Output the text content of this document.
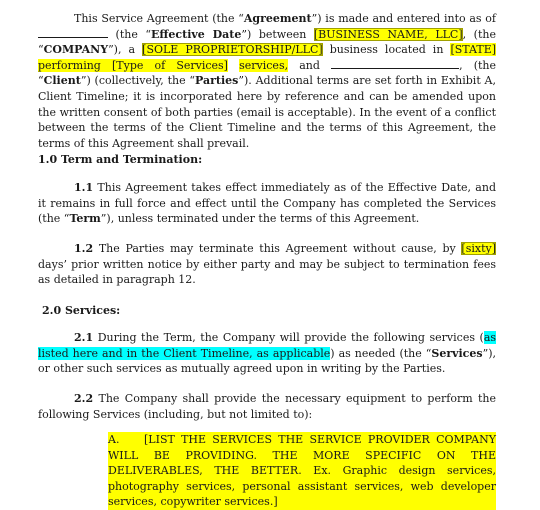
This Service Agreement (the “Agreement”) is made and entered into as of  (the “Effective Date”) between [BUSINESS NAME, LLC], (the “COMPANY”), a [SOLE PROPRIETORSHIP/LLC] business located in [STATE] performing [Type of Services] services, and	, (the “Client”) (collectively, the “Parties”). Additional terms are set forth in Exhibit A, Client Timeline; it is incorporated here by reference and can be amended upon the written consent of both parties (email is acceptable). In the event of a conflict between the terms of the Client Timeline and the terms of this Agreement, the terms of this Agreement shall prevail.

1.0 Term and Termination:

1.1 This Agreement takes effect immediately as of the Effective Date, and it remains in full force and effect until the Company has completed the Services (the “Term”), unless terminated under the terms of this Agreement.

1.2 The Parties may terminate this Agreement without cause, by [sixty] days’ prior written notice by either party and may be subject to termination fees as detailed in paragraph 12.

2.0 Services:

2.1 During the Term, the Company will provide the following services (as listed here and in the Client Timeline, as applicable) as needed (the “Services”), or other such services as mutually agreed upon in writing by the Parties.

2.2 The Company shall provide the necessary equipment to perform the following Services (including, but not limited to):

A. [LIST THE SERVICES THE SERVICE PROVIDER COMPANY WILL BE PROVIDING. THE MORE SPECIFIC ON THE DELIVERABLES, THE BETTER. Ex. Graphic design services, photography services, personal assistant services, web developer services, copywriter services.]
